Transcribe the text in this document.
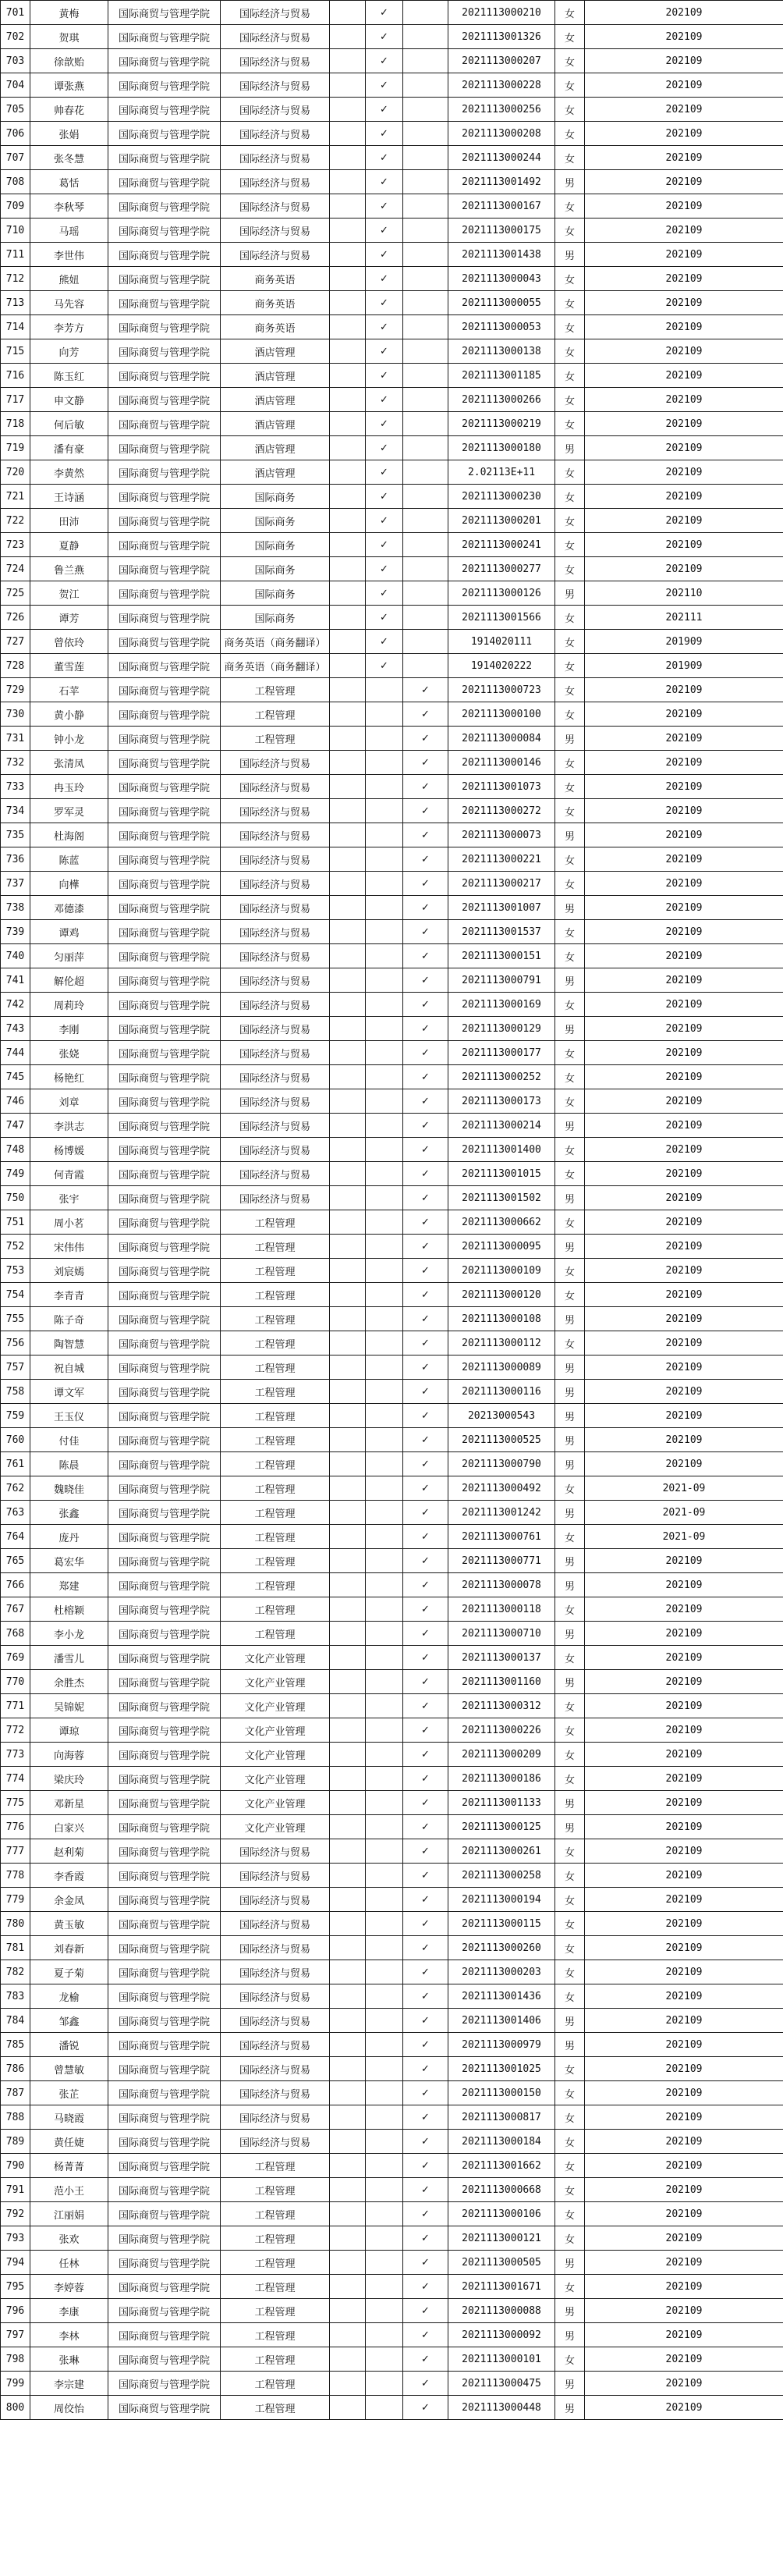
701	黄梅	国际商贸与管理学院	国际经济与贸易		✓		2021113000210	女	202109
702	贺琪	国际商贸与管理学院	国际经济与贸易		✓		2021113001326	女	202109
703	徐歆贻	国际商贸与管理学院	国际经济与贸易		✓		2021113000207	女	202109
704	谭张燕	国际商贸与管理学院	国际经济与贸易		✓		2021113000228	女	202109
705	帅春花	国际商贸与管理学院	国际经济与贸易		✓		2021113000256	女	202109
706	张娟	国际商贸与管理学院	国际经济与贸易		✓		2021113000208	女	202109
707	张冬慧	国际商贸与管理学院	国际经济与贸易		✓		2021113000244	女	202109
708	葛恬	国际商贸与管理学院	国际经济与贸易		✓		2021113001492	男	202109
709	李秋琴	国际商贸与管理学院	国际经济与贸易		✓		2021113000167	女	202109
710	马瑶	国际商贸与管理学院	国际经济与贸易		✓		2021113000175	女	202109
711	李世伟	国际商贸与管理学院	国际经济与贸易		✓		2021113001438	男	202109
712	熊妞	国际商贸与管理学院	商务英语		✓		2021113000043	女	202109
713	马先容	国际商贸与管理学院	商务英语		✓		2021113000055	女	202109
714	李芳方	国际商贸与管理学院	商务英语		✓		2021113000053	女	202109
715	向芳	国际商贸与管理学院	酒店管理		✓		2021113000138	女	202109
716	陈玉红	国际商贸与管理学院	酒店管理		✓		2021113001185	女	202109
717	申文静	国际商贸与管理学院	酒店管理		✓		2021113000266	女	202109
718	何后敏	国际商贸与管理学院	酒店管理		✓		2021113000219	女	202109
719	潘有豪	国际商贸与管理学院	酒店管理		✓		2021113000180	男	202109
720	李黄然	国际商贸与管理学院	酒店管理		✓		2.02113E+11	女	202109
721	王诗涵	国际商贸与管理学院	国际商务		✓		2021113000230	女	202109
722	田沛	国际商贸与管理学院	国际商务		✓		2021113000201	女	202109
723	夏静	国际商贸与管理学院	国际商务		✓		2021113000241	女	202109
724	鲁兰燕	国际商贸与管理学院	国际商务		✓		2021113000277	女	202109
725	贺江	国际商贸与管理学院	国际商务		✓		2021113000126	男	202110
726	谭芳	国际商贸与管理学院	国际商务		✓		2021113001566	女	202111
727	曾依玲	国际商贸与管理学院	商务英语（商务翻译）		✓		1914020111	女	201909
728	董雪莲	国际商贸与管理学院	商务英语（商务翻译）		✓		1914020222	女	201909
729	石苹	国际商贸与管理学院	工程管理			✓	2021113000723	女	202109
730	黄小静	国际商贸与管理学院	工程管理			✓	2021113000100	女	202109
731	钟小龙	国际商贸与管理学院	工程管理			✓	2021113000084	男	202109
732	张清凤	国际商贸与管理学院	国际经济与贸易			✓	2021113000146	女	202109
733	冉玉玲	国际商贸与管理学院	国际经济与贸易			✓	2021113001073	女	202109
734	罗军灵	国际商贸与管理学院	国际经济与贸易			✓	2021113000272	女	202109
735	杜海阁	国际商贸与管理学院	国际经济与贸易			✓	2021113000073	男	202109
736	陈蓝	国际商贸与管理学院	国际经济与贸易			✓	2021113000221	女	202109
737	向樺	国际商贸与管理学院	国际经济与贸易			✓	2021113000217	女	202109
738	邓德漆	国际商贸与管理学院	国际经济与贸易			✓	2021113001007	男	202109
739	谭鸡	国际商贸与管理学院	国际经济与贸易			✓	2021113001537	女	202109
740	匀丽萍	国际商贸与管理学院	国际经济与贸易			✓	2021113000151	女	202109
741	解伦超	国际商贸与管理学院	国际经济与贸易			✓	2021113000791	男	202109
742	周莉玲	国际商贸与管理学院	国际经济与贸易			✓	2021113000169	女	202109
743	李刚	国际商贸与管理学院	国际经济与贸易			✓	2021113000129	男	202109
744	张娆	国际商贸与管理学院	国际经济与贸易			✓	2021113000177	女	202109
745	杨艳红	国际商贸与管理学院	国际经济与贸易			✓	2021113000252	女	202109
746	刘章	国际商贸与管理学院	国际经济与贸易			✓	2021113000173	女	202109
747	李洪志	国际商贸与管理学院	国际经济与贸易			✓	2021113000214	男	202109
748	杨博媛	国际商贸与管理学院	国际经济与贸易			✓	2021113001400	女	202109
749	何青霞	国际商贸与管理学院	国际经济与贸易			✓	2021113001015	女	202109
750	张宇	国际商贸与管理学院	国际经济与贸易			✓	2021113001502	男	202109
751	周小茗	国际商贸与管理学院	工程管理			✓	2021113000662	女	202109
752	宋伟伟	国际商贸与管理学院	工程管理			✓	2021113000095	男	202109
753	刘宸嫣	国际商贸与管理学院	工程管理			✓	2021113000109	女	202109
754	李青青	国际商贸与管理学院	工程管理			✓	2021113000120	女	202109
755	陈子奇	国际商贸与管理学院	工程管理			✓	2021113000108	男	202109
756	陶智慧	国际商贸与管理学院	工程管理			✓	2021113000112	女	202109
757	祝自城	国际商贸与管理学院	工程管理			✓	2021113000089	男	202109
758	谭文军	国际商贸与管理学院	工程管理			✓	2021113000116	男	202109
759	王玉仪	国际商贸与管理学院	工程管理			✓	20213000543	男	202109
760	付佳	国际商贸与管理学院	工程管理			✓	2021113000525	男	202109
761	陈晨	国际商贸与管理学院	工程管理			✓	2021113000790	男	202109
762	魏晓佳	国际商贸与管理学院	工程管理			✓	2021113000492	女	2021-09
763	张鑫	国际商贸与管理学院	工程管理			✓	2021113001242	男	2021-09
764	庞丹	国际商贸与管理学院	工程管理			✓	2021113000761	女	2021-09
765	葛宏华	国际商贸与管理学院	工程管理			✓	2021113000771	男	202109
766	郑建	国际商贸与管理学院	工程管理			✓	2021113000078	男	202109
767	杜榕颖	国际商贸与管理学院	工程管理			✓	2021113000118	女	202109
768	李小龙	国际商贸与管理学院	工程管理			✓	2021113000710	男	202109
769	潘雪儿	国际商贸与管理学院	文化产业管理			✓	2021113000137	女	202109
770	余胜杰	国际商贸与管理学院	文化产业管理			✓	2021113001160	男	202109
771	吴锦妮	国际商贸与管理学院	文化产业管理			✓	2021113000312	女	202109
772	谭琼	国际商贸与管理学院	文化产业管理			✓	2021113000226	女	202109
773	向海蓉	国际商贸与管理学院	文化产业管理			✓	2021113000209	女	202109
774	梁庆玲	国际商贸与管理学院	文化产业管理			✓	2021113000186	女	202109
775	邓新星	国际商贸与管理学院	文化产业管理			✓	2021113001133	男	202109
776	白家兴	国际商贸与管理学院	文化产业管理			✓	2021113000125	男	202109
777	赵利菊	国际商贸与管理学院	国际经济与贸易			✓	2021113000261	女	202109
778	李香霞	国际商贸与管理学院	国际经济与贸易			✓	2021113000258	女	202109
779	余金凤	国际商贸与管理学院	国际经济与贸易			✓	2021113000194	女	202109
780	黄玉敏	国际商贸与管理学院	国际经济与贸易			✓	2021113000115	女	202109
781	刘春新	国际商贸与管理学院	国际经济与贸易			✓	2021113000260	女	202109
782	夏子菊	国际商贸与管理学院	国际经济与贸易			✓	2021113000203	女	202109
783	龙榆	国际商贸与管理学院	国际经济与贸易			✓	2021113001436	女	202109
784	邹鑫	国际商贸与管理学院	国际经济与贸易			✓	2021113001406	男	202109
785	潘锐	国际商贸与管理学院	国际经济与贸易			✓	2021113000979	男	202109
786	曾慧敏	国际商贸与管理学院	国际经济与贸易			✓	2021113001025	女	202109
787	张芷	国际商贸与管理学院	国际经济与贸易			✓	2021113000150	女	202109
788	马晓霞	国际商贸与管理学院	国际经济与贸易			✓	2021113000817	女	202109
789	黄任婕	国际商贸与管理学院	国际经济与贸易			✓	2021113000184	女	202109
790	杨菁菁	国际商贸与管理学院	工程管理			✓	2021113001662	女	202109
791	范小王	国际商贸与管理学院	工程管理			✓	2021113000668	女	202109
792	江丽娟	国际商贸与管理学院	工程管理			✓	2021113000106	女	202109
793	张欢	国际商贸与管理学院	工程管理			✓	2021113000121	女	202109
794	任林	国际商贸与管理学院	工程管理			✓	2021113000505	男	202109
795	李婷蓉	国际商贸与管理学院	工程管理			✓	2021113001671	女	202109
796	李康	国际商贸与管理学院	工程管理			✓	2021113000088	男	202109
797	李林	国际商贸与管理学院	工程管理			✓	2021113000092	男	202109
798	张琳	国际商贸与管理学院	工程管理			✓	2021113000101	女	202109
799	李宗建	国际商贸与管理学院	工程管理			✓	2021113000475	男	202109
800	周佼怡	国际商贸与管理学院	工程管理			✓	2021113000448	男	202109
